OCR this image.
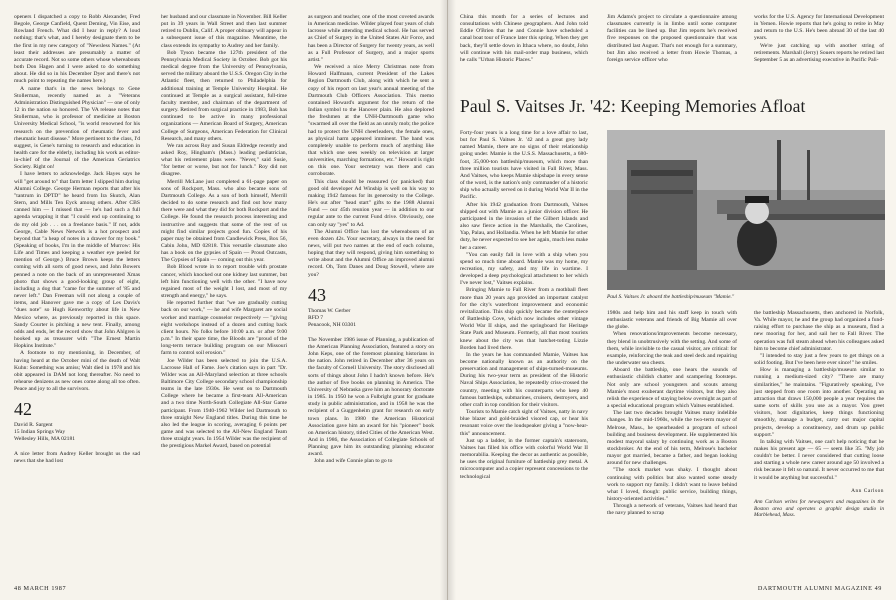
openers I dispatched a copy to Robb Alexander, Fred Begole, George Canfield, Quent Deming, Vin Eise, and Rowland French. What did I hear in reply? A loud nothing; that's what, and I hereby designate them to be the first in my new category of "Newsless Names." (At least their addresses are presumably a matter of accurate record. Not so some others whose whereabouts both Don Hagen and I were asked to do something about. He did so in his December Dyer and there's not much point to repeating the names here.)

A name that's in the news belongs to Gene Stollerman, recently named as a "Veterans Administration Distinguished Physician" — one of only 12 in the nation so honored. The VA release notes that Stollerman, who is professor of medicine at Boston University Medical School, "is world renowned for his research on the prevention of rheumatic fever and rheumatic heart disease." More pertinent to the class, I'd suggest, is Gene's turning to research and education in health care for the elderly, including his work as editor-in-chief of the Journal of the American Geriatrics Society. Right on!

I have letters to acknowledge. Jack Hayes says he will "get around to" that farm letter I slipped him during Alumni College. George Herman reports that after his "tantrum in DPTD" he heard from Ira Skutch, Alan Stern, and Mills Ten Eyck among others. After CBS canned him — I missed that — he's had such a full agenda wrapping it that "I could end up continuing to do my old job . . . on a freelance basis." If not, adds George, Cable News Network is a hot prospect and beyond that "a heap of notes in a drawer for my book." (Speaking of books, I'm in the middle of Murrow: His Life and Times and keeping a weather eye peeled for mention of George.) Bruce Brown keeps the letters coming with all sorts of good news, and John Bowers penned a note on the back of an unrepresented Xmas photo that shows a good-looking group of eight, including a dog that "came for the summer of '85 and never left." Dan Freeman will not along a couple of items, and Hanover gave me a copy of Les Davis's "dues note" so Hugh Kenworthy about life in New Mexico where, as previously reported in this space. Sandy Courter is pitching a new tent. Finally, among odds and ends, let the record show that John Ahlgren is hooked up as treasurer with "The Ernest Martin Hopkins Institute."

A footnote to my mentioning, in December, of having heard at the October mini of the death of Walt Kuhn: Something was amiss; Walt died in 1978 and his obit appeared in DAM not long thereafter. No need to rehearse denizens as new ones come along all too often. Peace and joy to all the survivors.

42
David R. Sargent
15 Indian Springs Way
Wellesley Hills, MA 02181

A nice letter from Audrey Keller brought us the sad news that she had lost

her husband and our classmate in November. Bill Keller put in 39 years in Wall Street and then last summer retired to Dublin, Calif. A proper obituary will appear in a subsequent issue of this magazine. Meantime, the class extends its sympathy to Audrey and her family.

Bob Tyson became the 127th president of the Pennsylvania Medical Society in October. Bob got his medical degree from the University of Pennsylvania, served the military aboard the U.S.S. Oregon City in the Atlantic fleet, then returned to Philadelphia for additional training at Temple University Hospital. He continued at Temple as a surgical assistant, full-time faculty member, and chairman of the department of surgery. Retired from surgical practice in 1983, Bob has continued to be active in many professional organizations — American Board of Surgery, American College of Surgeons, American Federation for Clinical Research, and many others.

We ran across Roy and Susan Eldredge recently and asked Roy, Hingham's (Mass.) leading pediatrician, what his retirement plans were. "Never," said Susie, "for better or worse, but not for lunch." Roy did not disagree.

Merrill McLane just completed a 61-page paper on sons of Rockport, Mass. who also became sons of Dartmouth College. As a son of both himself, Merrill decided to do some research and find out how many there were and what they did for both Rockport and the College. He found the research process interesting and instructive and suggests that some of the rest of us might find similar projects good fun. Copies of his paper may be obtained from Candlewick Press, Box 56, Cabin John, MD 02818. This versatile classmate also has a book on the gypsies of Spain — Proud Outcasts, The Gypsies of Spain — coming out this year.

Bob Blood wrote in to report trouble with prostate cancer, which knocked out one kidney last summer, but left him functioning well with the other. "I have now regained most of the weight I lost, and most of my strength and energy," he says.

He reported further that "we are gradually cutting back on our work," — he and wife Margaret are social worker and marriage counselor respectively — "giving eight workshops instead of a dozen and cutting back client hours. No folks before 10:00 a.m. or after 9:00 p.m." In their spare time, the Bloods are "proud of the long-term terrace building program on our Missouri farm to control soil erosion."

Joe Wilder has been selected to join the U.S.A. Lacrosse Hall of Fame. Joe's citation says in part "Dr. Wilder was an All-Maryland selection at three schools Baltimore City College secondary school championship teams in the late 1930s. He went on to Dartmouth College where he became a first-team All-American and a two time North-South Collegiate All-Star Game participant. From 1940-1962 Wilder led Dartmouth to three straight New England titles. During this time he also led the league in scoring, averaging 6 points per game and was selected to the All-New England Team three straight years. In 1954 Wilder was the recipient of the prestigious Markel Award, based on potential

as surgeon and teacher, one of the most coveted awards in American medicine. Wilder played four years of club lacrosse while attending medical school. He has served as Chief of Surgery in the United States Air Force, and has been a Director of Surgery for twenty years, as well as a Full Professor of Surgery, and a major sports artist."

We received a nice Merry Christmas note from Howard Halfmann, current President of the Lakes Region Dartmouth Club, along with which he sent a copy of his report on last year's annual meeting of the Dartmouth Club Officers Association. This memo contained Howard's argument for the return of the Indian symbol to the Hanover plain. He also deplored the freshmen at the UNH-Dartmouth game who "swarmed all over the field as an unruly mob; the police had to protect the UNH cheerleaders, the female ones, as physical harm appeared imminent. The band was completely unable to perform much of anything like that which one sees weekly on television at larger universities, marching formations, etc." Howard is right on this one. Your secretary was there and can corroborate.

This class should be reassured (or panicked) that good old developer Ad Winship is well on his way to making 1942 famous for its generosity to the College. He's out after "head start" gifts to the 1988 Alumni Fund — our 45th reunion year — in addition to our regular ante to the current Fund drive. Obviously, one can only say "yes" to Ad.

The Alumni Office has lost the whereabouts of an even dozen 42s. Your secretary, always in the need for news, will put two names at the end of each column, hoping that they will respond, giving him something to write about and the Alumni Office an improved alumni record. Oh, Tom Danes and Doug Stowell, where are you?

43
Thomas W. Gerber
RFD 7
Penacook, NH 03301

The November 1986 issue of Planning, a publication of the American Planning Association, featured a story on John Keps, one of the foremost planning historians in the nation. John retired in December after 36 years on the faculty of Cornell University. The story disclosed all sorts of things about John I hadn't known before. He's the author of five books on planning in America. The University of Nebraska gave him an honorary doctorate in 1985. In 1950 he won a Fulbright grant for graduate study in public administration, and in 1958 he was the recipient of a Guggenheim grant for research on early town plans. In 1980 the American Historical Association gave him an award for his "pioneer" book on American history, titled Cities of the American West. And in 1986, the Association of Collegiate Schools of Planning gave him its outstanding planning educator award.

John and wife Connie plan to go to

48 MARCH 1987

China this month for a series of lectures and consultations with Chinese geographers. And John told Eddie O'Brien that he and Connie have scheduled a canal boat tour of France later this spring. When they get back, they'll settle down in Ithaca where, no doubt, John will continue with his mail-order map business, which he calls "Urban Historic Places."

Jim Adams's project to circulate a questionnaire among classmates currently is in limbo until some computer facilities can be lined up. But Jim reports he's received five responses on the proposed questionnaire that was distributed last August. That's not enough for a summary, but Jim also received a letter from Howie Thomas, a foreign service officer who

works for the U.S. Agency for International Development in Yemen. Howie reports that he's going to retire in May and return to the U.S. He's been abroad 30 of the last 40 years.

We're just catching up with another string of retirements. Marshall (Jerry) Souers reports he retired last September 5 as an advertising executive in Pacific Pali-

Paul S. Vaitses Jr. '42: Keeping Memories Afloat

Forty-four years is a long time for a love affair to last, but for Paul S. Vaitses Jr. '42 and a great grey lady named Mamie, there are no signs of their relationship going under. Mamie is the U.S.S. Massachusetts, a 680-foot, 35,000-ton battleship/museum, which more than three million tourists have visited in Fall River, Mass. And Vaitses, who keeps Mamie shipshape in every sense of the word, is the nation's only commander of a historic ship who actually served on it during World War II in the Pacific.

After his 1942 graduation from Dartmouth, Vaitses shipped out with Mamie as a junior division officer. He participated in the invasion of the Gilbert Islands and also saw fierce action in the Marshalls, the Carolines, Yap, Palau, and Hollandia. When he left Mamie for other duty, he never expected to see her again, much less make her a career.

"You can easily fall in love with a ship when you spend so much time aboard. Mamie was my home, my recreation, my safety, and my life in wartime. I developed a deep psychological attachment to her which I've never lost," Vaitses explains.

Bringing Mamie to Fall River from a mothball fleet more than 20 years ago provided an important catalyst for the city's waterfront improvement and economic revitalization. This ship quickly became the centerpiece of Battleship Cove, which now includes other vintage World War II ships, and the springboard for Heritage State Park and Museum. Formerly, all that most tourists knew about the city was that hatchet-toting Lizzie Borden had lived there.

In the years he has commanded Mamie, Vaitses has become nationally known as an authority on the preservation and management of ships-turned-museums. During his two-year term as president of the Historic Naval Ships Association, he repeatedly criss-crossed the country, meeting with his counterparts who keep 40 famous battleships, submarines, cruisers, destroyers, and other craft in top condition for their visitors.

Tourists to Mamie catch sight of Vaitses, natty in navy blue blazer and gold-braided visored cap, or hear his resonant voice over the loudspeaker giving a "now-hear-this" announcement.

Just up a ladder, in the former captain's stateroom, Vaitses has filled his office with colorful World War II memorabilia. Keeping the decor as authentic as possible, he uses the original furniture of battleship grey metal. A microcomputer and a copier represent concessions to the technological

Paul S. Vaitses Jr. aboard the battleship/museum "Mamie."

1980s and help him and his staff keep in touch with enthusiastic veterans and friends of Big Mamie all over the globe.

When renovations/improvements become necessary, they blend in unobtrusively with the setting. And some of them, while invisible to the casual visitor, are critical: for example, reinforcing the teak and steel deck and repairing the underwater sea chests.

Aboard the battleship, one hears the sounds of enthusiastic childish chatter and scampering footsteps. Not only are school youngsters and scouts among Mamie's most exuberant daytime visitors, but they also relish the experience of staying below overnight as part of a special educational program which Vaitses established.

The last two decades brought Vaitses many indelible changes. In the mid-1960s, while the two-term mayor of Melrose, Mass., he spearheaded a program of school building and business development. He supplemented his modest mayoral salary by continuing work as a Boston stockbroker. At the end of his term, Melrose's bachelor mayor got married, became a father, and began looking around for new challenges.

"The stock market was shaky. I thought about continuing with politics but also wanted some steady work to support my family. I didn't want to leave behind what I loved, though: public service, building things, history-oriented activities."

Through a network of veterans, Vaitses had heard that the navy planned to scrap

the battleship Massachusetts, then anchored in Norfolk, Va. While mayor, he and the group had organized a fund-raising effort to purchase the ship as a museum, find a new mooring for her, and sail her to Fall River. The operation was full steam ahead when his colleagues asked him to become chief administrator.

"I intended to stay just a few years to get things on a solid footing. But I've been here ever since!" he smiles.

How is managing a battleship/museum similar to running a medium-sized city? "There are many similarities," he maintains. "Figuratively speaking, I've just stepped from one room into another. Operating an attraction that draws 150,000 people a year requires the same sorts of skills you use as a mayor. You greet visitors, host dignitaries, keep things functioning smoothly, manage a budget, carry out major capital projects, develop a constituency, and drum up public support."

In talking with Vaitses, one can't help noticing that he makes his present age — 65 — seem like 35. "My job couldn't be better. I never considered that cutting loose and starting a whole new career around age 50 involved a risk because it felt so natural. It never occurred to me that it would be anything but successful."

Ann Carlson
Ann Carlson writes for newspapers and magazines in the Boston area and operates a graphic design studio in Marblehead, Mass.
DARTMOUTH ALUMNI MAGAZINE 49
